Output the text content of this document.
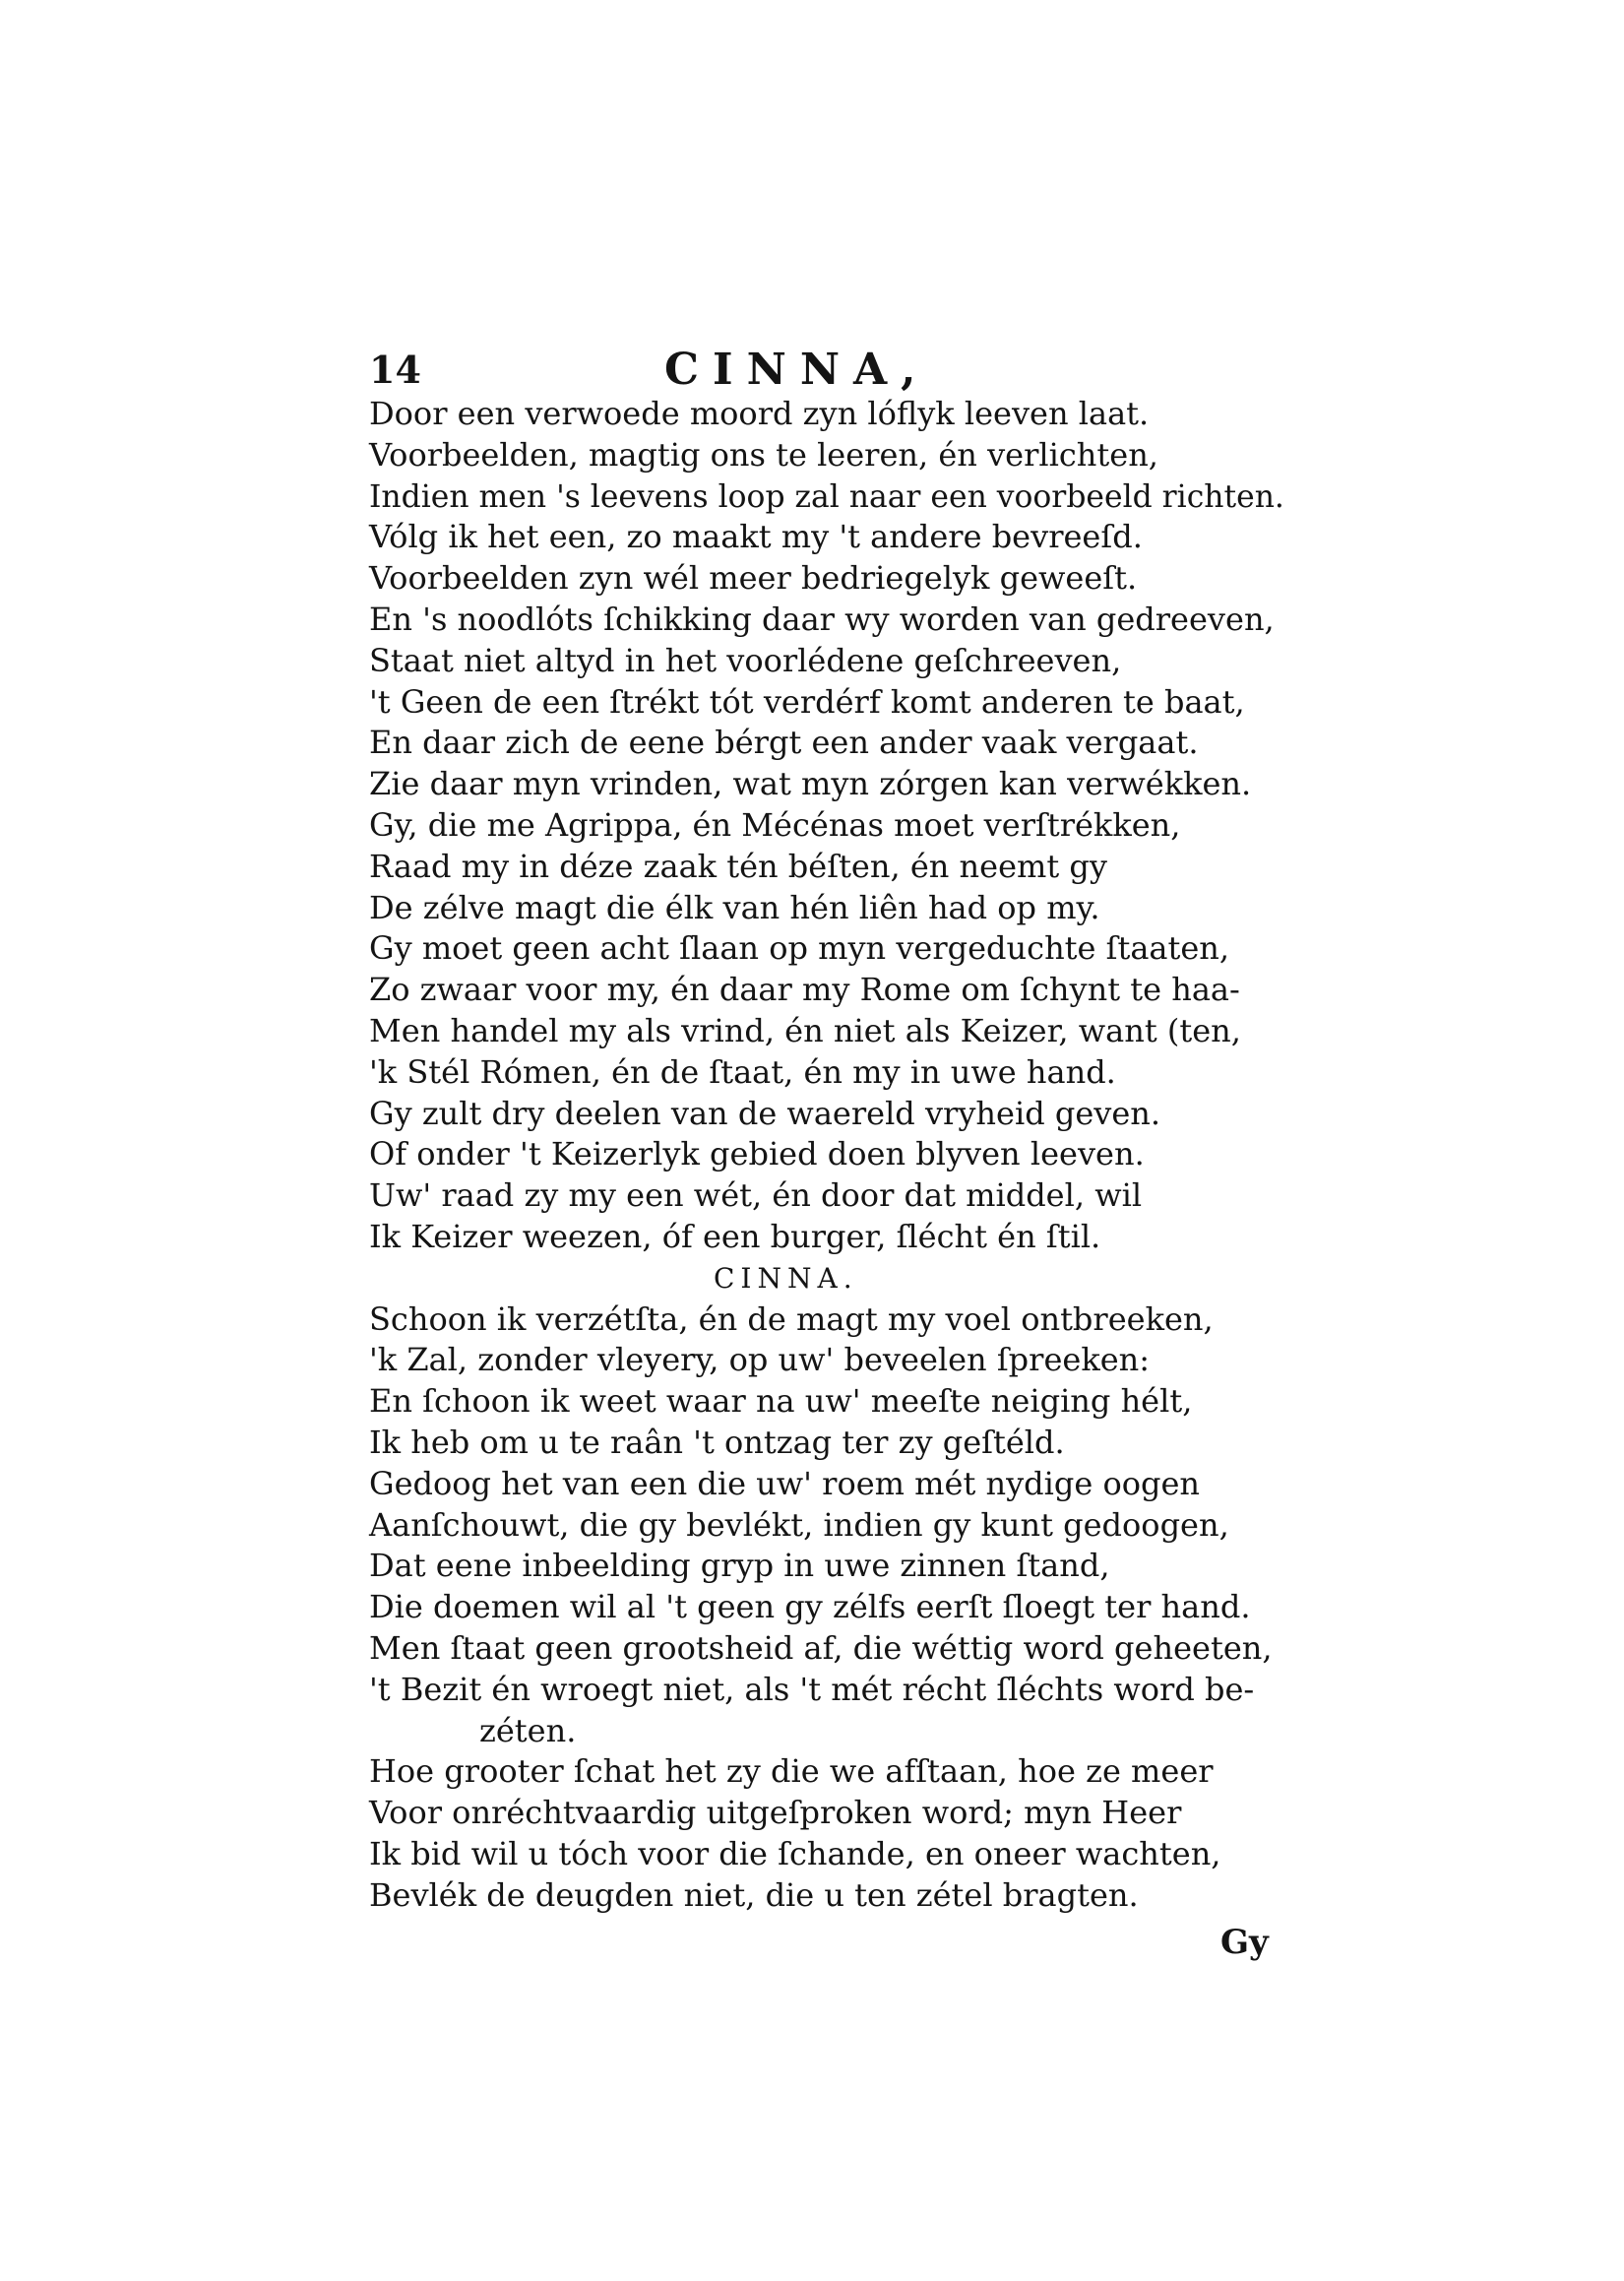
14	CINNA,
Door een verwoede moord zyn lóflyk leeven laat.
Voorbeelden, magtig ons te leeren, én verlichten,
Indien men 's leevens loop zal naar een voorbeeld richten.
Vólg ik het een, zo maakt my 't andere bevreeſd.
Voorbeelden zyn wél meer bedriegelyk geweeſt.
En 's noodlóts ſchikking daar wy worden van gedreeven,
Staat niet altyd in het voorlédene geſchreeven,
't Geen de een ſtrékt tót verdérf komt anderen te baat,
En daar zich de eene bérgt een ander vaak vergaat.
Zie daar myn vrinden, wat myn zórgen kan verwékken.
Gy, die me Agrippa, én Mécénas moet verſtrékken,
Raad my in déze zaak tén béſten, én neemt gy
De zélve magt die élk van hén liên had op my.
Gy moet geen acht ſlaan op myn vergeduchte ſtaaten,
Zo zwaar voor my, én daar my Rome om ſchynt te haa-
Men handel my als vrind, én niet als Keizer, want (ten,
'k Stél Rómen, én de ſtaat, én my in uwe hand.
Gy zult dry deelen van de waereld vryheid geven.
Of onder 't Keizerlyk gebied doen blyven leeven.
Uw' raad zy my een wét, én door dat middel, wil
Ik Keizer weezen, óf een burger, ſlécht én ſtil.
CINNA.
Schoon ik verzétſta, én de magt my voel ontbreeken,
'k Zal, zonder vleyery, op uw' beveelen ſpreeken:
En ſchoon ik weet waar na uw' meeſte neiging hélt,
Ik heb om u te raân 't ontzag ter zy geſtéld.
Gedoog het van een die uw' roem mét nydige oogen
Aanſchouwt, die gy bevlékt, indien gy kunt gedoogen,
Dat eene inbeelding gryp in uwe zinnen ſtand,
Die doemen wil al 't geen gy zélfs eerſt ſloegt ter hand.
Men ſtaat geen grootsheid af, die wéttig word geheeten,
't Bezit én wroegt niet, als 't mét récht ſléchts word be-
zéten.
Hoe grooter ſchat het zy die we afſtaan, hoe ze meer
Voor onréchtvaardig uitgeſproken word; myn Heer
Ik bid wil u tóch voor die ſchande, en oneer wachten,
Bevlék de deugden niet, die u ten zétel bragten.
Gy
